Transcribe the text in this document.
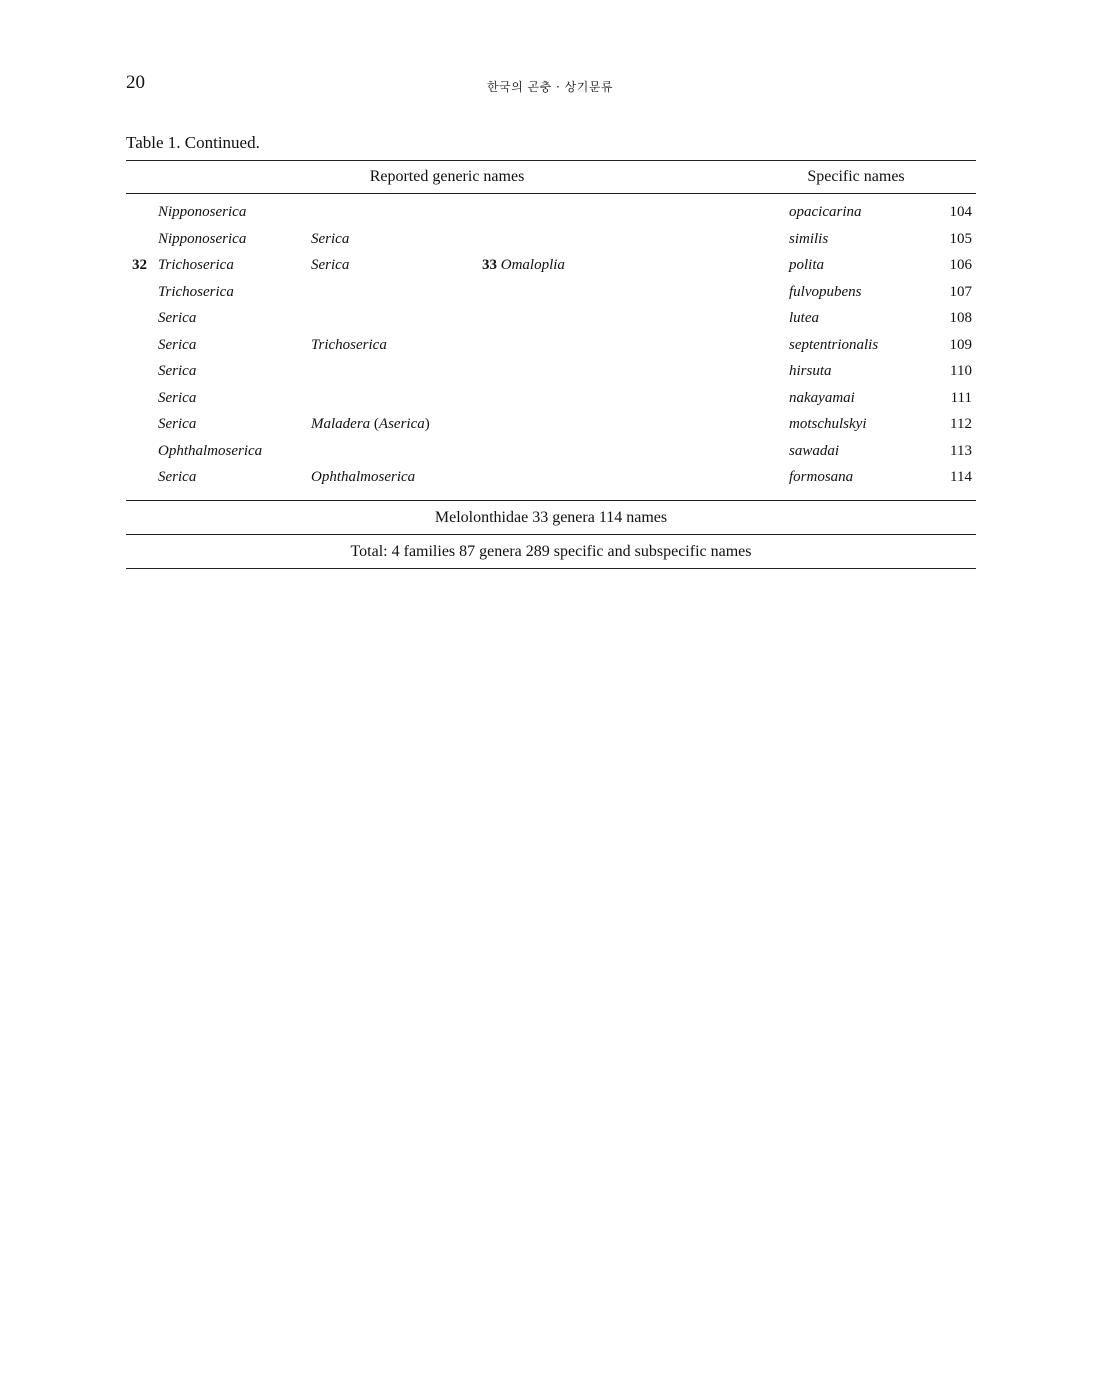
20	한국의 곤충 · 상기문류
Table 1. Continued.
Reported generic names	Specific names
Nipponoserica	opacicarina	104
Nipponoserica	Serica	similis	105
32 Trichoserica	Serica	33 Omaloplia	polita	106
Trichoserica	fulvopubens	107
Serica	lutea	108
Serica	Trichoserica	septentrionalis	109
Serica	hirsuta	110
Serica	nakayamai	111
Serica	Maladera (Aserica)	motschulskyi	112
Ophthalmoserica	sawadai	113
Serica	Ophthalmoserica	formosana	114
Melolonthidae 33 genera 114 names
Total: 4 families 87 genera 289 specific and subspecific names
